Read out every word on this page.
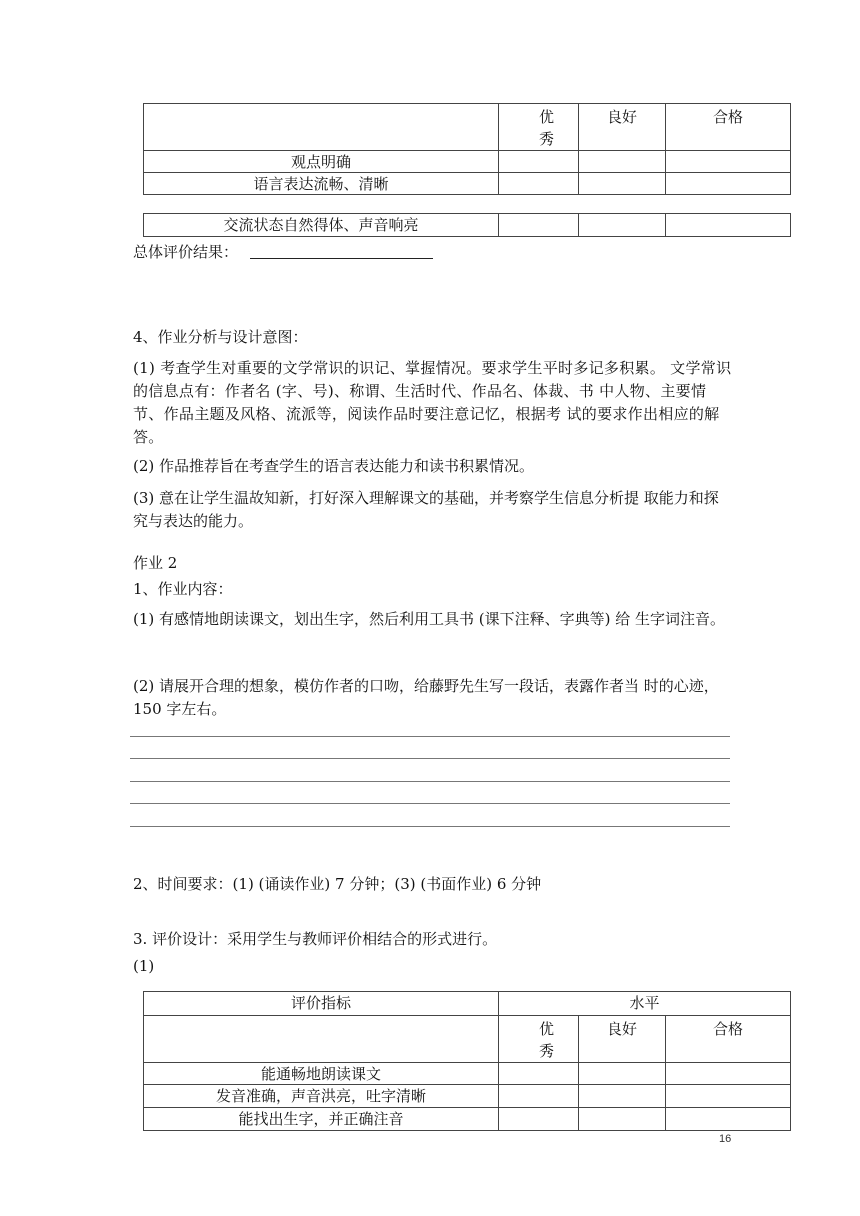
	优秀	良好	合格
观点明确			
语言表达流畅、清晰			
交流状态自然得体、声音响亮			
总体评价结果：
4、作业分析与设计意图：
(1) 考查学生对重要的文学常识的识记、掌握情况。要求学生平时多记多积累。 文学常识的信息点有：作者名 (字、号)、称谓、生活时代、作品名、体裁、书 中人物、主要情节、作品主题及风格、流派等，阅读作品时要注意记忆，根据考 试的要求作出相应的解答。
(2) 作品推荐旨在考查学生的语言表达能力和读书积累情况。
(3) 意在让学生温故知新，打好深入理解课文的基础，并考察学生信息分析提 取能力和探究与表达的能力。
作业 2
1、作业内容：
(1) 有感情地朗读课文，划出生字，然后利用工具书 (课下注释、字典等) 给 生字词注音。
(2) 请展开合理的想象，模仿作者的口吻，给藤野先生写一段话，表露作者当 时的心迹，150 字左右。
2、时间要求：(1) (诵读作业) 7 分钟；(3) (书面作业) 6 分钟
3. 评价设计：采用学生与教师评价相结合的形式进行。
(1)
评价指标	水平		
	优秀	良好	合格
能通畅地朗读课文			
发音准确，声音洪亮，吐字清晰			
能找出生字，并正确注音			
16
